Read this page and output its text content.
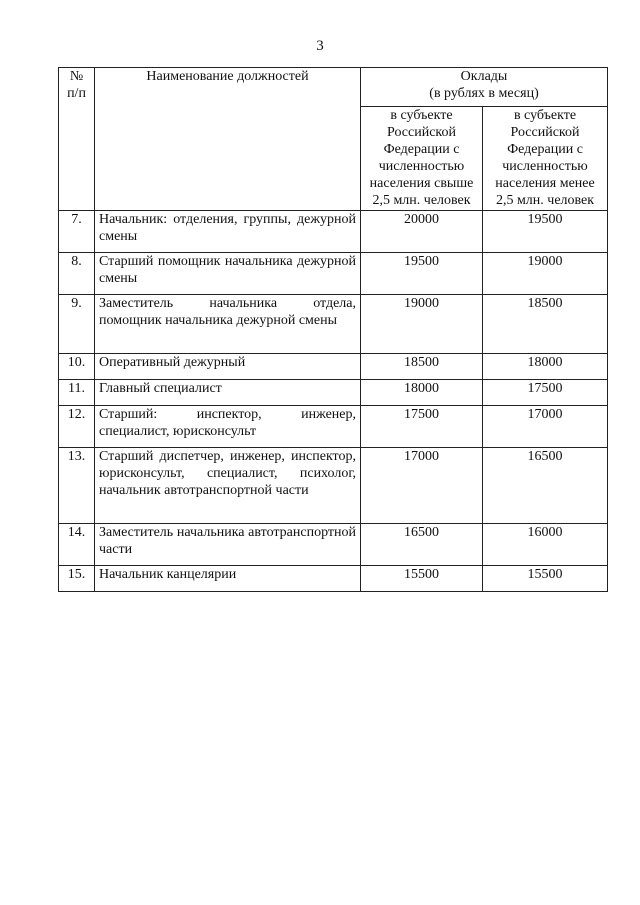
3
№ п/п	Наименование должностей	Оклады
(в рублях в месяц)	

		в субъекте Российской Федерации с численностью населения свыше 2,5 млн. человек	в субъекте Российской Федерации с численностью населения менее 2,5 млн. человек
7.	Начальник: отделения, группы, дежурной смены	20000	19500
8.	Старший помощник начальника дежурной смены	19500	19000
9.	Заместитель начальника отдела, помощник начальника дежурной смены	19000	18500
10.	Оперативный дежурный	18500	18000
11.	Главный специалист	18000	17500
12.	Старший: инспектор, инженер, специалист, юрисконсульт	17500	17000
13.	Старший диспетчер, инженер, инспектор, юрисконсульт, специалист, психолог, начальник автотранспортной части	17000	16500
14.	Заместитель начальника автотранспортной части	16500	16000
15.	Начальник канцелярии	15500	15500
